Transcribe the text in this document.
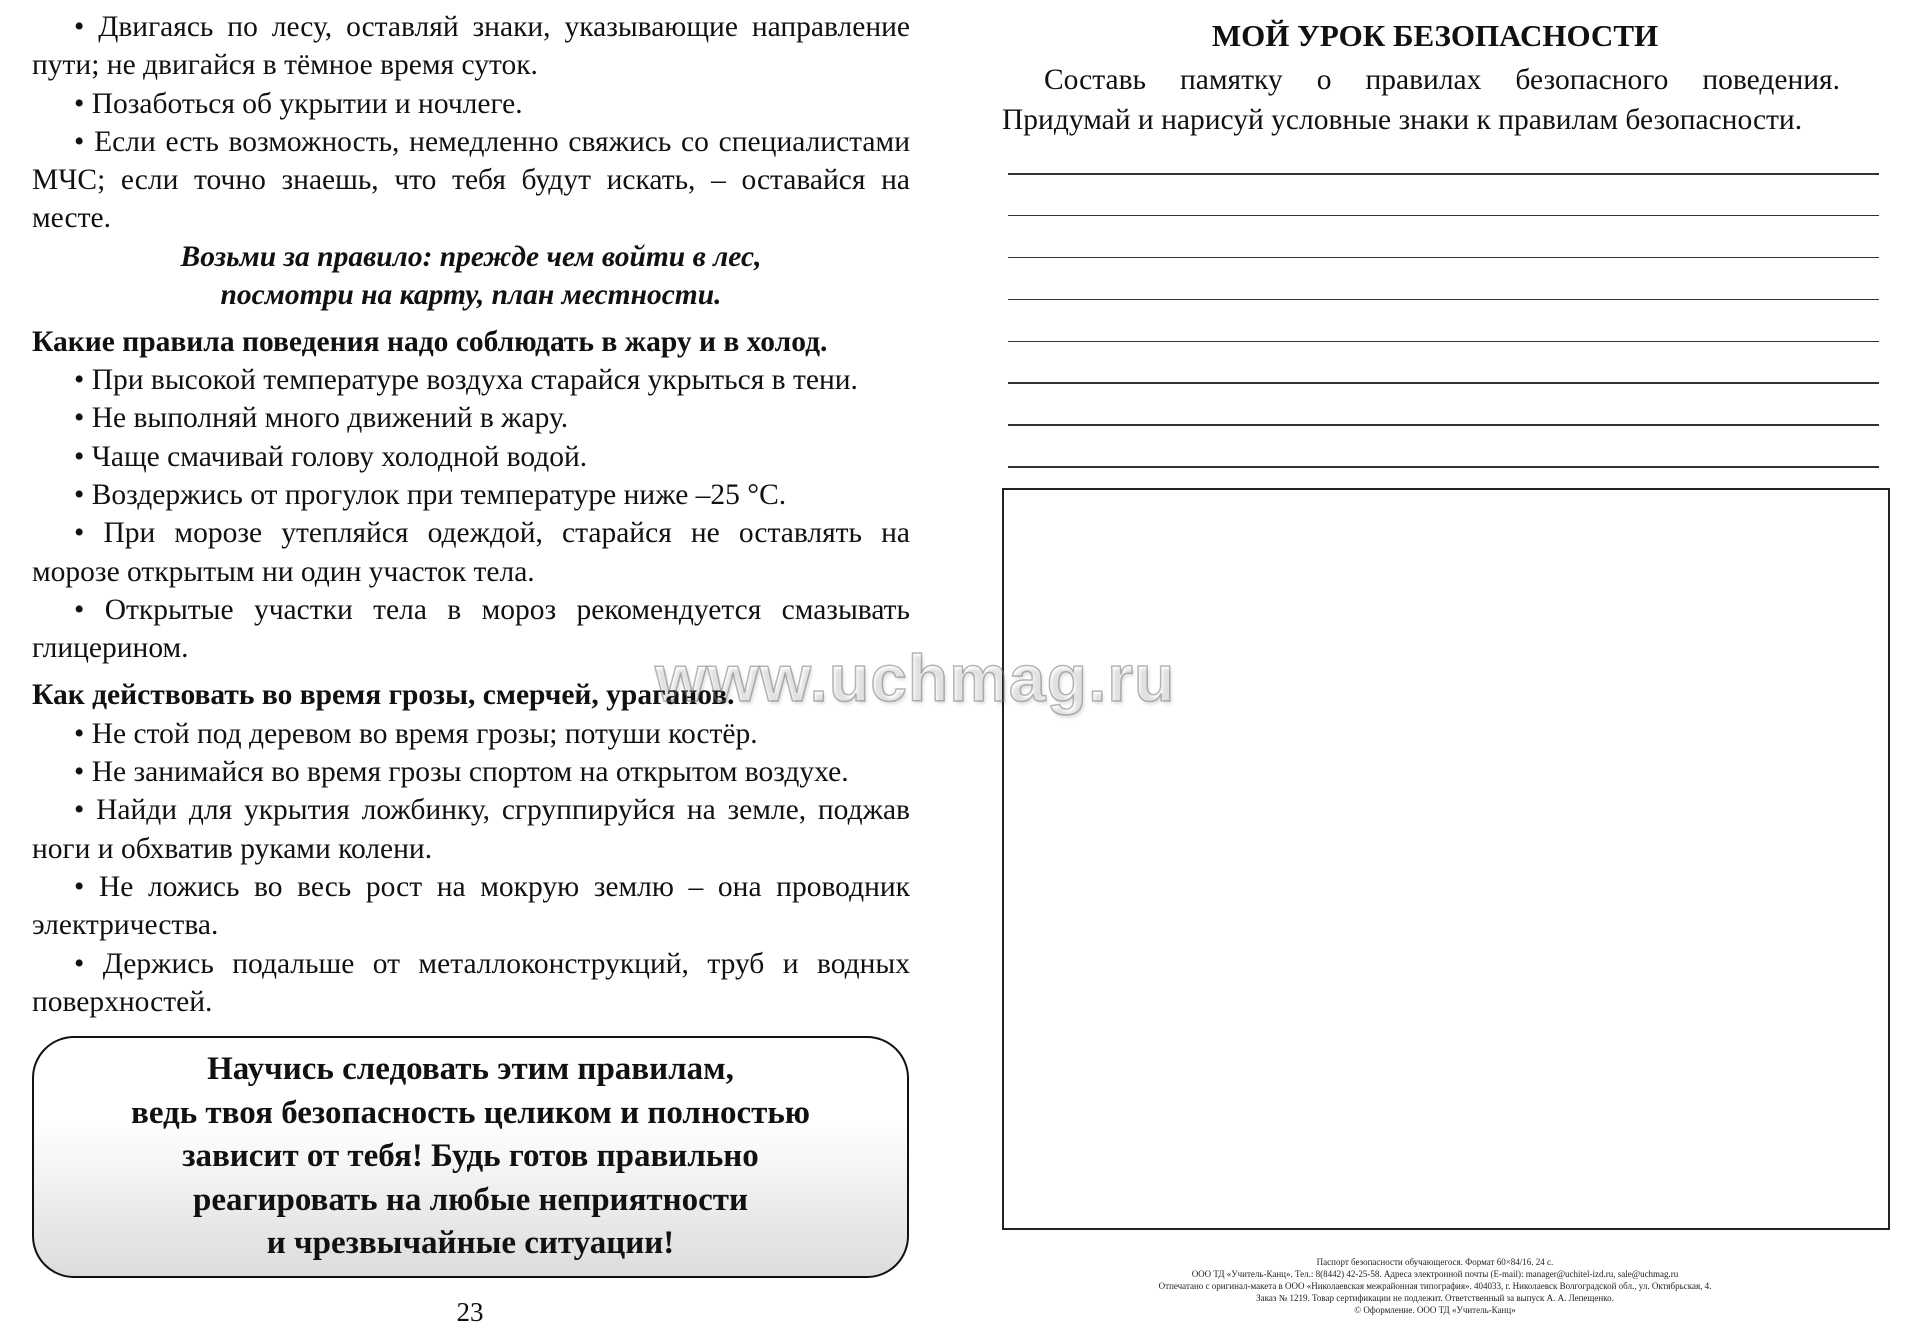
• Двигаясь по лесу, оставляй знаки, указывающие направление пути; не двигайся в тёмное время суток.

• Позаботься об укрытии и ночлеге.

• Если есть возможность, немедленно свяжись со специалистами МЧС; если точно знаешь, что тебя будут искать, – оставайся на месте.

Возьми за правило: прежде чем войти в лес,

посмотри на карту, план местности.

Какие правила поведения надо соблюдать в жару и в холод.

• При высокой температуре воздуха старайся укрыться в тени.

• Не выполняй много движений в жару.

• Чаще смачивай голову холодной водой.

• Воздержись от прогулок при температуре ниже –25 °С.

• При морозе утепляйся одеждой, старайся не оставлять на морозе открытым ни один участок тела.

• Открытые участки тела в мороз рекомендуется смазывать глицерином.

Как действовать во время грозы, смерчей, ураганов.

• Не стой под деревом во время грозы; потуши костёр.

• Не занимайся во время грозы спортом на открытом воздухе.

• Найди для укрытия ложбинку, сгруппируйся на земле, поджав ноги и обхватив руками колени.

• Не ложись во весь рост на мокрую землю – она проводник электричества.

• Держись подальше от металлоконструкций, труб и водных поверхностей.

Научись следовать этим правилам,
ведь твоя безопасность целиком и полностью
зависит от тебя! Будь готов правильно
реагировать на любые неприятности
и чрезвычайные ситуации!
23
МОЙ УРОК БЕЗОПАСНОСТИ

Составь памятку о правилах безопасного поведения. Придумай и нарисуй условные знаки к правилам безопасности.

Паспорт безопасности обучающегося. Формат 60×84/16. 24 с.
ООО ТД «Учитель-Канц». Тел.: 8(8442) 42-25-58. Адреса электронной почты (E-mail): manager@uchitel-izd.ru, sale@uchmag.ru
Отпечатано с оригинал-макета в ООО «Николаевская межрайонная типография». 404033, г. Николаевск Волгоградской обл., ул. Октябрьская, 4.
Заказ № 1219. Товар сертификации не подлежит. Ответственный за выпуск А. А. Лепещенко.
© Оформление. ООО ТД «Учитель-Канц»

www.uchmag.ru
